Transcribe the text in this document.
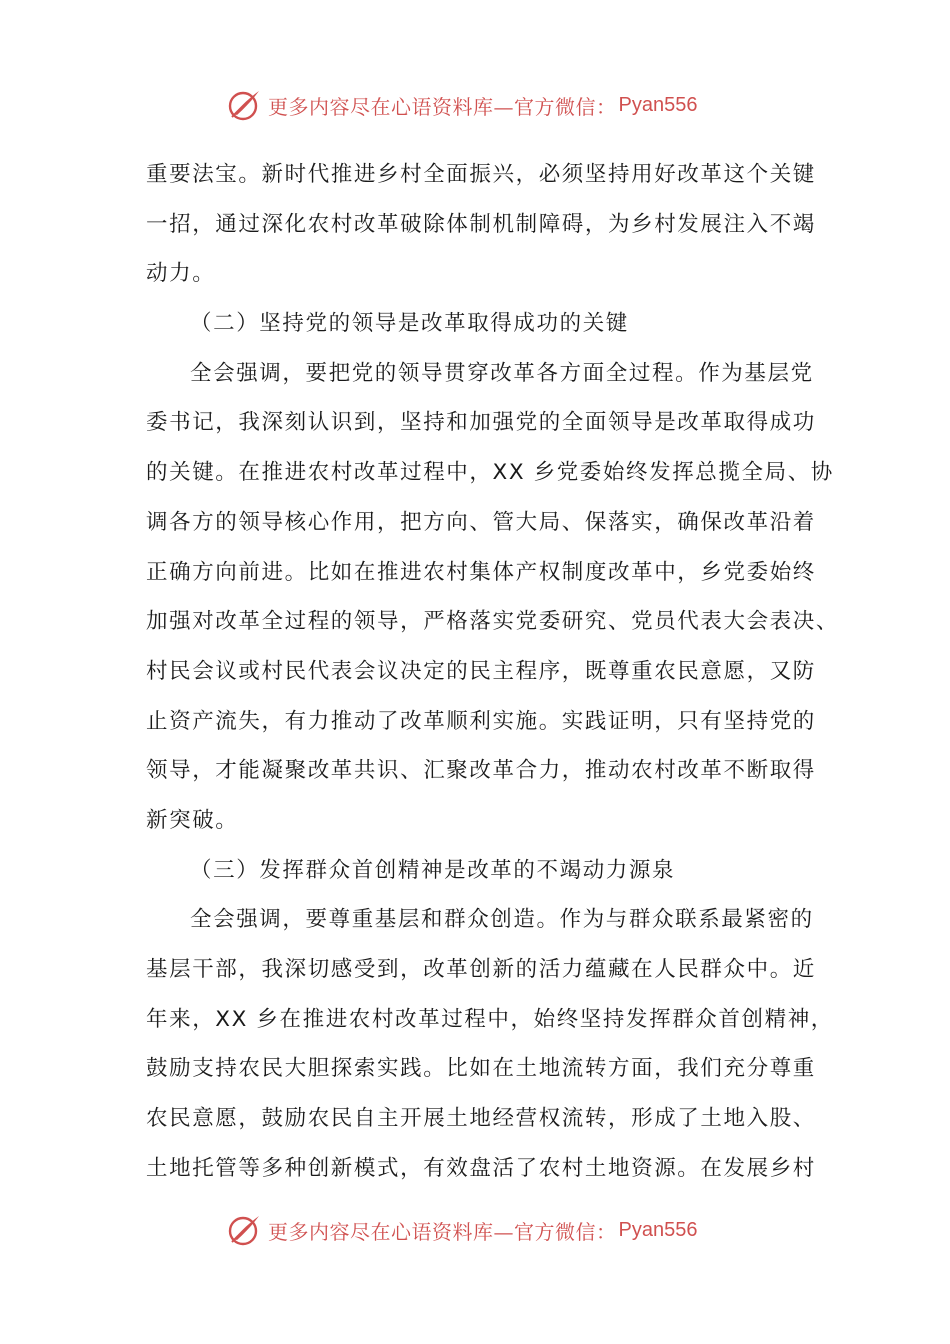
更多内容尽在心语资料库—官方微信： Pyan556
重要法宝。新时代推进乡村全面振兴，必须坚持用好改革这个关键
一招，通过深化农村改革破除体制机制障碍，为乡村发展注入不竭
动力。
（二）坚持党的领导是改革取得成功的关键
全会强调，要把党的领导贯穿改革各方面全过程。作为基层党
委书记，我深刻认识到，坚持和加强党的全面领导是改革取得成功
的关键。在推进农村改革过程中，XX 乡党委始终发挥总揽全局、协
调各方的领导核心作用，把方向、管大局、保落实，确保改革沿着
正确方向前进。比如在推进农村集体产权制度改革中，乡党委始终
加强对改革全过程的领导，严格落实党委研究、党员代表大会表决、
村民会议或村民代表会议决定的民主程序，既尊重农民意愿，又防
止资产流失，有力推动了改革顺利实施。实践证明，只有坚持党的
领导，才能凝聚改革共识、汇聚改革合力，推动农村改革不断取得
新突破。
（三）发挥群众首创精神是改革的不竭动力源泉
全会强调，要尊重基层和群众创造。作为与群众联系最紧密的
基层干部，我深切感受到，改革创新的活力蕴藏在人民群众中。近
年来，XX 乡在推进农村改革过程中，始终坚持发挥群众首创精神，
鼓励支持农民大胆探索实践。比如在土地流转方面，我们充分尊重
农民意愿，鼓励农民自主开展土地经营权流转，形成了土地入股、
土地托管等多种创新模式，有效盘活了农村土地资源。在发展乡村
更多内容尽在心语资料库—官方微信： Pyan556
